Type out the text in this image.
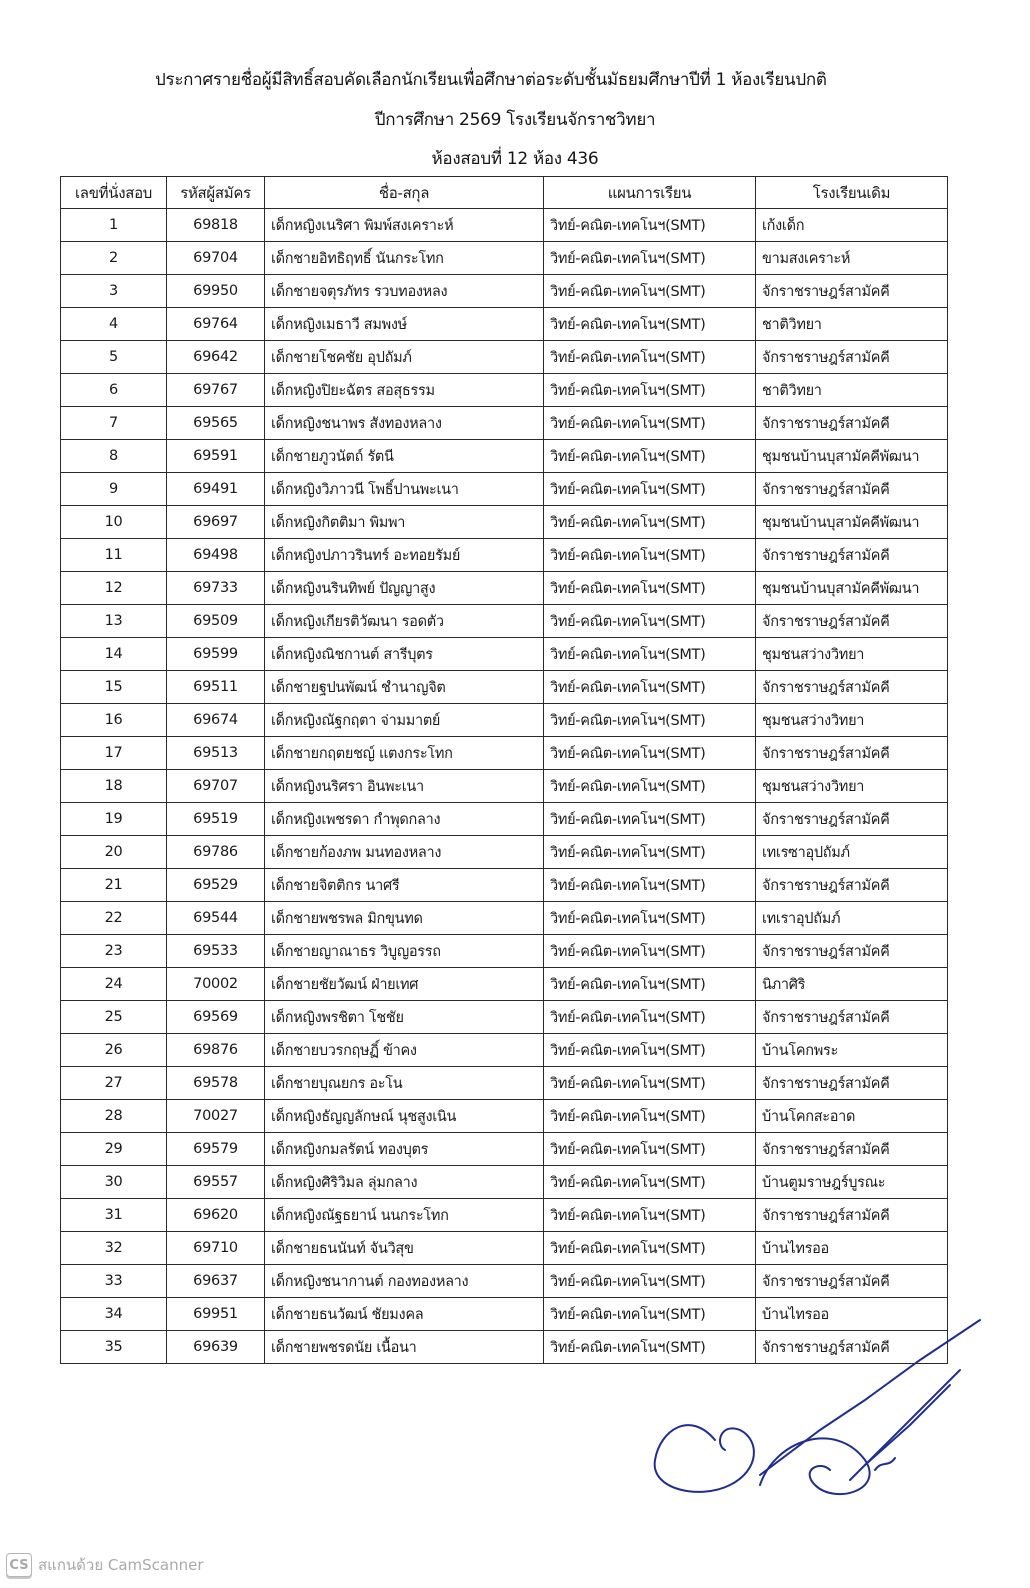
ประกาศรายชื่อผู้มีสิทธิ์สอบคัดเลือกนักเรียนเพื่อศึกษาต่อระดับชั้นมัธยมศึกษาปีที่ 1 ห้องเรียนปกติ
ปีการศึกษา 2569 โรงเรียนจักราชวิทยา
ห้องสอบที่ 12 ห้อง 436
เลขที่นั่งสอบ	รหัสผู้สมัคร	ชื่อ-สกุล	แผนการเรียน	โรงเรียนเดิม
1	69818	เด็กหญิงเนริศา พิมพ์สงเคราะห์	วิทย์-คณิต-เทคโนฯ(SMT)	เก้งเด็ก
2	69704	เด็กชายอิทธิฤทธิ์ นันกระโทก	วิทย์-คณิต-เทคโนฯ(SMT)	ขามสงเคราะห์
3	69950	เด็กชายจตุรภัทร รวบทองหลง	วิทย์-คณิต-เทคโนฯ(SMT)	จักราชราษฎร์สามัคคี
4	69764	เด็กหญิงเมธาวี สมพงษ์	วิทย์-คณิต-เทคโนฯ(SMT)	ชาติวิทยา
5	69642	เด็กชายโชคชัย อุปถัมภ์	วิทย์-คณิต-เทคโนฯ(SMT)	จักราชราษฎร์สามัคคี
6	69767	เด็กหญิงปิยะฉัตร สอสุธรรม	วิทย์-คณิต-เทคโนฯ(SMT)	ชาติวิทยา
7	69565	เด็กหญิงชนาพร สังทองหลาง	วิทย์-คณิต-เทคโนฯ(SMT)	จักราชราษฎร์สามัคคี
8	69591	เด็กชายภูวนัตถ์ รัตนี	วิทย์-คณิต-เทคโนฯ(SMT)	ชุมชนบ้านบุสามัคคีพัฒนา
9	69491	เด็กหญิงวิภาวนี โพธิ์ปานพะเนา	วิทย์-คณิต-เทคโนฯ(SMT)	จักราชราษฎร์สามัคคี
10	69697	เด็กหญิงกิตติมา พิมพา	วิทย์-คณิต-เทคโนฯ(SMT)	ชุมชนบ้านบุสามัคคีพัฒนา
11	69498	เด็กหญิงปภาวรินทร์ อะทอยรัมย์	วิทย์-คณิต-เทคโนฯ(SMT)	จักราชราษฎร์สามัคคี
12	69733	เด็กหญิงนรินทิพย์ ปัญญาสูง	วิทย์-คณิต-เทคโนฯ(SMT)	ชุมชนบ้านบุสามัคคีพัฒนา
13	69509	เด็กหญิงเกียรติวัฒนา รอดตัว	วิทย์-คณิต-เทคโนฯ(SMT)	จักราชราษฎร์สามัคคี
14	69599	เด็กหญิงณิชกานต์ สารีบุตร	วิทย์-คณิต-เทคโนฯ(SMT)	ชุมชนสว่างวิทยา
15	69511	เด็กชายฐปนพัฒน์ ชำนาญจิต	วิทย์-คณิต-เทคโนฯ(SMT)	จักราชราษฎร์สามัคคี
16	69674	เด็กหญิงณัฐกฤตา จ่ามมาตย์	วิทย์-คณิต-เทคโนฯ(SMT)	ชุมชนสว่างวิทยา
17	69513	เด็กชายกฤตยชญ์ แตงกระโทก	วิทย์-คณิต-เทคโนฯ(SMT)	จักราชราษฎร์สามัคคี
18	69707	เด็กหญิงนริศรา อินพะเนา	วิทย์-คณิต-เทคโนฯ(SMT)	ชุมชนสว่างวิทยา
19	69519	เด็กหญิงเพชรดา กำพุดกลาง	วิทย์-คณิต-เทคโนฯ(SMT)	จักราชราษฎร์สามัคคี
20	69786	เด็กชายก้องภพ มนทองหลาง	วิทย์-คณิต-เทคโนฯ(SMT)	เทเรซาอุปถัมภ์
21	69529	เด็กชายจิตติกร นาศรี	วิทย์-คณิต-เทคโนฯ(SMT)	จักราชราษฎร์สามัคคี
22	69544	เด็กชายพชรพล มิกขุนทด	วิทย์-คณิต-เทคโนฯ(SMT)	เทเราอุปถัมภ์
23	69533	เด็กชายญาณาธร วิบูญอรรถ	วิทย์-คณิต-เทคโนฯ(SMT)	จักราชราษฎร์สามัคคี
24	70002	เด็กชายชัยวัฒน์ ฝ่ายเทศ	วิทย์-คณิต-เทคโนฯ(SMT)	นิภาศิริ
25	69569	เด็กหญิงพรชิตา โชชัย	วิทย์-คณิต-เทคโนฯ(SMT)	จักราชราษฎร์สามัคคี
26	69876	เด็กชายบวรกฤษฏิ์ ข้าคง	วิทย์-คณิต-เทคโนฯ(SMT)	บ้านโคกพระ
27	69578	เด็กชายบุณยกร อะโน	วิทย์-คณิต-เทคโนฯ(SMT)	จักราชราษฎร์สามัคคี
28	70027	เด็กหญิงธัญญลักษณ์ นุชสูงเนิน	วิทย์-คณิต-เทคโนฯ(SMT)	บ้านโคกสะอาด
29	69579	เด็กหญิงกมลรัตน์ ทองบุตร	วิทย์-คณิต-เทคโนฯ(SMT)	จักราชราษฎร์สามัคคี
30	69557	เด็กหญิงศิริวิมล ลุ่มกลาง	วิทย์-คณิต-เทคโนฯ(SMT)	บ้านตูมราษฎร์บูรณะ
31	69620	เด็กหญิงณัฐธยาน์ นนกระโทก	วิทย์-คณิต-เทคโนฯ(SMT)	จักราชราษฎร์สามัคคี
32	69710	เด็กชายธนนันท์ จันวิสุข	วิทย์-คณิต-เทคโนฯ(SMT)	บ้านไทรออ
33	69637	เด็กหญิงชนากานต์ กองทองหลาง	วิทย์-คณิต-เทคโนฯ(SMT)	จักราชราษฎร์สามัคคี
34	69951	เด็กชายธนวัฒน์ ชัยมงคล	วิทย์-คณิต-เทคโนฯ(SMT)	บ้านไทรออ
35	69639	เด็กชายพชรดนัย เนื้อนา	วิทย์-คณิต-เทคโนฯ(SMT)	จักราชราษฎร์สามัคคี
CS สแกนด้วย CamScanner
